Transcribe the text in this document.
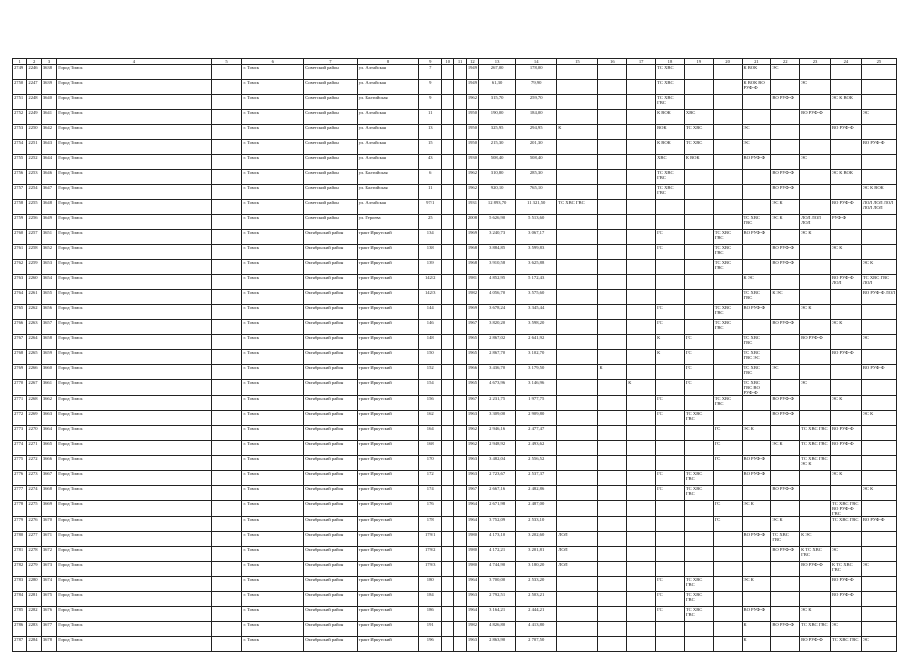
1	2	3	4	5	6	7	8	9	10	11	12	13	14	15	16	17	18	19	20	21	22	23	24	25
2749	2246	3638	Город Томск		г. Томск	Советский район	ул. Алтайская	7			1949	267,00	178,00				ТС ХВС			К ВОК	ЭС			
2750	2247	3639	Город Томск		г. Томск	Советский район	ул. Алтайская	9			1949	61,30	79,90				ТС ХВС			К ВОК ВО РУФ-Ф		ЭС		
2751	2248	3640	Город Томск		г. Томск	Советский район	ул. Балтийская	9			1962	315,70	259,70				ТС ХВС ГВС				ВО РУФ-Ф		ЭС К ВОК	
2752	2249	3641	Город Томск		г. Томск	Советский район	ул. Алтайская	11			1950	190,00	184,00				К ВОК	ХВС				ВО РУФ-Ф		ЭС
2753	2250	3642	Город Томск		г. Томск	Советский район	ул. Алтайская	13			1950	325,95	294,95	К			ВОК	ТС ХВС		ЭС			ВО РУФ-Ф	
2754	2251	3643	Город Томск		г. Томск	Советский район	ул. Алтайская	15			1950	215,30	201,30				К ВОК	ТС ХВС		ЭС				ВО РУФ-Ф
2755	2252	3644	Город Томск		г. Томск	Советский район	ул. Алтайская	43			1930	508,40	508,40				ХВС	К ВОК		ВО РУФ-Ф		ЭС		
2756	2253	3646	Город Томск		г. Томск	Советский район	ул. Балтийская	6			1962	310,80	285,30				ТС ХВС ГВС				ВО РУФ-Ф		ЭС К ВОК	
2757	2254	3647	Город Томск		г. Томск	Советский район	ул. Балтийская	11			1962	920,10	765,10				ТС ХВС ГВС				ВО РУФ-Ф			ЭС К ВОК
2758	2255	3648	Город Томск		г. Томск	Советский район	ул. Алтайская	97/1			1931	12 893,70	11 321,50	ТС ХВС ГВС							ЭС К		ВО РУФ-Ф	ЛОЛ ЛОЛ ЛОЛ ЛОЛ ЛОЛ
2759	2256	3649	Город Томск		г. Томск	Советский район	ул. Героева	25			2008	5 626,90	5 513,60							ТС ХВС ГВС	ЭС К	ЛОЛ ЛОЛ ЛОЛ	РУФ-Ф	
2760	2257	3651	Город Томск		г. Томск	Октябрьский район	тракт Иркутский	134			1969	3 240,73	3 067,17				ГС		ТС ХВС ГВС	ВО РУФ-Ф		ЭС К		
2761	2258	3652	Город Томск		г. Томск	Октябрьский район	тракт Иркутский	138			1968	3 884,85	3 599,83				ГС		ТС ХВС ГВС		ВО РУФ-Ф		ЭС К	
2762	2259	3653	Город Томск		г. Томск	Октябрьский район	тракт Иркутский	139			1968	3 910,58	3 625,88						ТС ХВС ГВС		ВО РУФ-Ф			ЭС К
2763	2260	3654	Город Томск		г. Томск	Октябрьский район	тракт Иркутский	142/2			1981	4 852,95	5 172,43							К ЭС			ВО РУФ-Ф ЛОЛ	ТС ХВС ГВС ЛОЛ
2764	2261	3655	Город Томск		г. Томск	Октябрьский район	тракт Иркутский	142/3			1982	4 056,70	3 575,60							ТС ХВС ГВС	К ЭС			ВО РУФ-Ф ЛОЛ
2765	2262	3656	Город Томск		г. Томск	Октябрьский район	тракт Иркутский	144			1969	3 678,24	3 345,44				ГС		ТС ХВС ГВС	ВО РУФ-Ф		ЭС К		
2766	2263	3657	Город Томск		г. Томск	Октябрьский район	тракт Иркутский	146			1967	3 820,20	3 598,20				ГС		ТС ХВС ГВС		ВО РУФ-Ф		ЭС К	
2767	2264	3658	Город Томск		г. Томск	Октябрьский район	тракт Иркутский	148			1965	2 867,02	2 641,92				К	ГС		ТС ХВС ГВС		ВО РУФ-Ф		ЭС
2768	2265	3659	Город Томск		г. Томск	Октябрьский район	тракт Иркутский	150			1965	2 867,70	3 102,70				К	ГС		ТС ХВС ГВС ЭС			ВО РУФ-Ф	
2769	2266	3660	Город Томск		г. Томск	Октябрьский район	тракт Иркутский	152			1966	3 436,70	3 179,50		К			ГС		ТС ХВС ГВС	ЭС			ВО РУФ-Ф
2770	2267	3661	Город Томск		г. Томск	Октябрьский район	тракт Иркутский	154			1965	4 673,96	3 146,96			К		ГС		ТС ХВС ГВС ВО РУФ-Ф		ЭС		
2771	2268	3662	Город Томск		г. Томск	Октябрьский район	тракт Иркутский	156			1967	2 231,75	1 977,75				ГС		ТС ХВС ГВС		ВО РУФ-Ф		ЭС К	
2772	2269	3663	Город Томск		г. Томск	Октябрьский район	тракт Иркутский	162			1963	3 309,00	2 909,80				ГС	ТС ХВС ГВС			ВО РУФ-Ф			ЭС К
2773	2270	3664	Город Томск		г. Томск	Октябрьский район	тракт Иркутский	164			1962	2 946,16	2 477,47						ГС	ЭС К		ТС ХВС ГВС	ВО РУФ-Ф	
2774	2271	3665	Город Томск		г. Томск	Октябрьский район	тракт Иркутский	168			1962	2 948,92	2 493,62						ГС		ЭС К	ТС ХВС ГВС	ВО РУФ-Ф	
2775	2272	3666	Город Томск		г. Томск	Октябрьский район	тракт Иркутский	170			1963	3 482,04	2 556,52						ГС	ВО РУФ-Ф		ТС ХВС ГВС ЭС К		
2776	2273	3667	Город Томск		г. Томск	Октябрьский район	тракт Иркутский	172			1963	2 723,67	2 537,37				ГС	ТС ХВС ГВС		ВО РУФ-Ф			ЭС К	
2777	2274	3668	Город Томск		г. Томск	Октябрьский район	тракт Иркутский	174			1967	2 667,16	2 482,86				ГС	ТС ХВС ГВС			ВО РУФ-Ф			ЭС К
2778	2275	3669	Город Томск		г. Томск	Октябрьский район	тракт Иркутский	176			1964	2 671,98	2 487,00						ГС	ЭС К			ТС ХВС ГВС ВО РУФ-Ф ГВС	
2779	2276	3670	Город Томск		г. Томск	Октябрьский район	тракт Иркутский	178			1964	3 752,09	2 533,10						ГС		ЭС К		ТС ХВС ГВС	ВО РУФ-Ф
2780	2277	3671	Город Томск		г. Томск	Октябрьский район	тракт Иркутский	179/1			1980	4 173,10	3 202,60	ЛОЛ						ВО РУФ-Ф	ТС ХВС ГВС	К ЭС		
2781	2278	3672	Город Томск		г. Томск	Октябрьский район	тракт Иркутский	179/2			1980	4 172,21	3 201,81	ЛОЛ							ВО РУФ-Ф	К ТС ХВС ГВС	ЭС	
2782	2279	3673	Город Томск		г. Томск	Октябрьский район	тракт Иркутский	179/3			1980	4 744,90	3 180,20	ЛОЛ								ВО РУФ-Ф	К ТС ХВС ГВС	ЭС
2783	2280	3674	Город Томск		г. Томск	Октябрьский район	тракт Иркутский	180			1964	3 700,00	2 533,20				ГС	ТС ХВС ГВС		ЭС К			ВО РУФ-Ф	
2784	2281	3675	Город Томск		г. Томск	Октябрьский район	тракт Иркутский	184			1963	2 792,51	2 503,21				ГС	ТС ХВС ГВС					ВО РУФ-Ф	
2785	2282	3676	Город Томск		г. Томск	Октябрьский район	тракт Иркутский	186			1964	3 164,21	2 444,21				ГС	ТС ХВС ГВС		ВО РУФ-Ф		ЭС К		
2786	2283	3677	Город Томск		г. Томск	Октябрьский район	тракт Иркутский	191			1982	4 826,80	4 413,80							К	ВО РУФ-Ф	ТС ХВС ГВС	ЭС	
2787	2284	3678	Город Томск		г. Томск	Октябрьский район	тракт Иркутский	196			1963	2 863,90	2 707,50							К		ВО РУФ-Ф	ТС ХВС ГВС	ЭС
